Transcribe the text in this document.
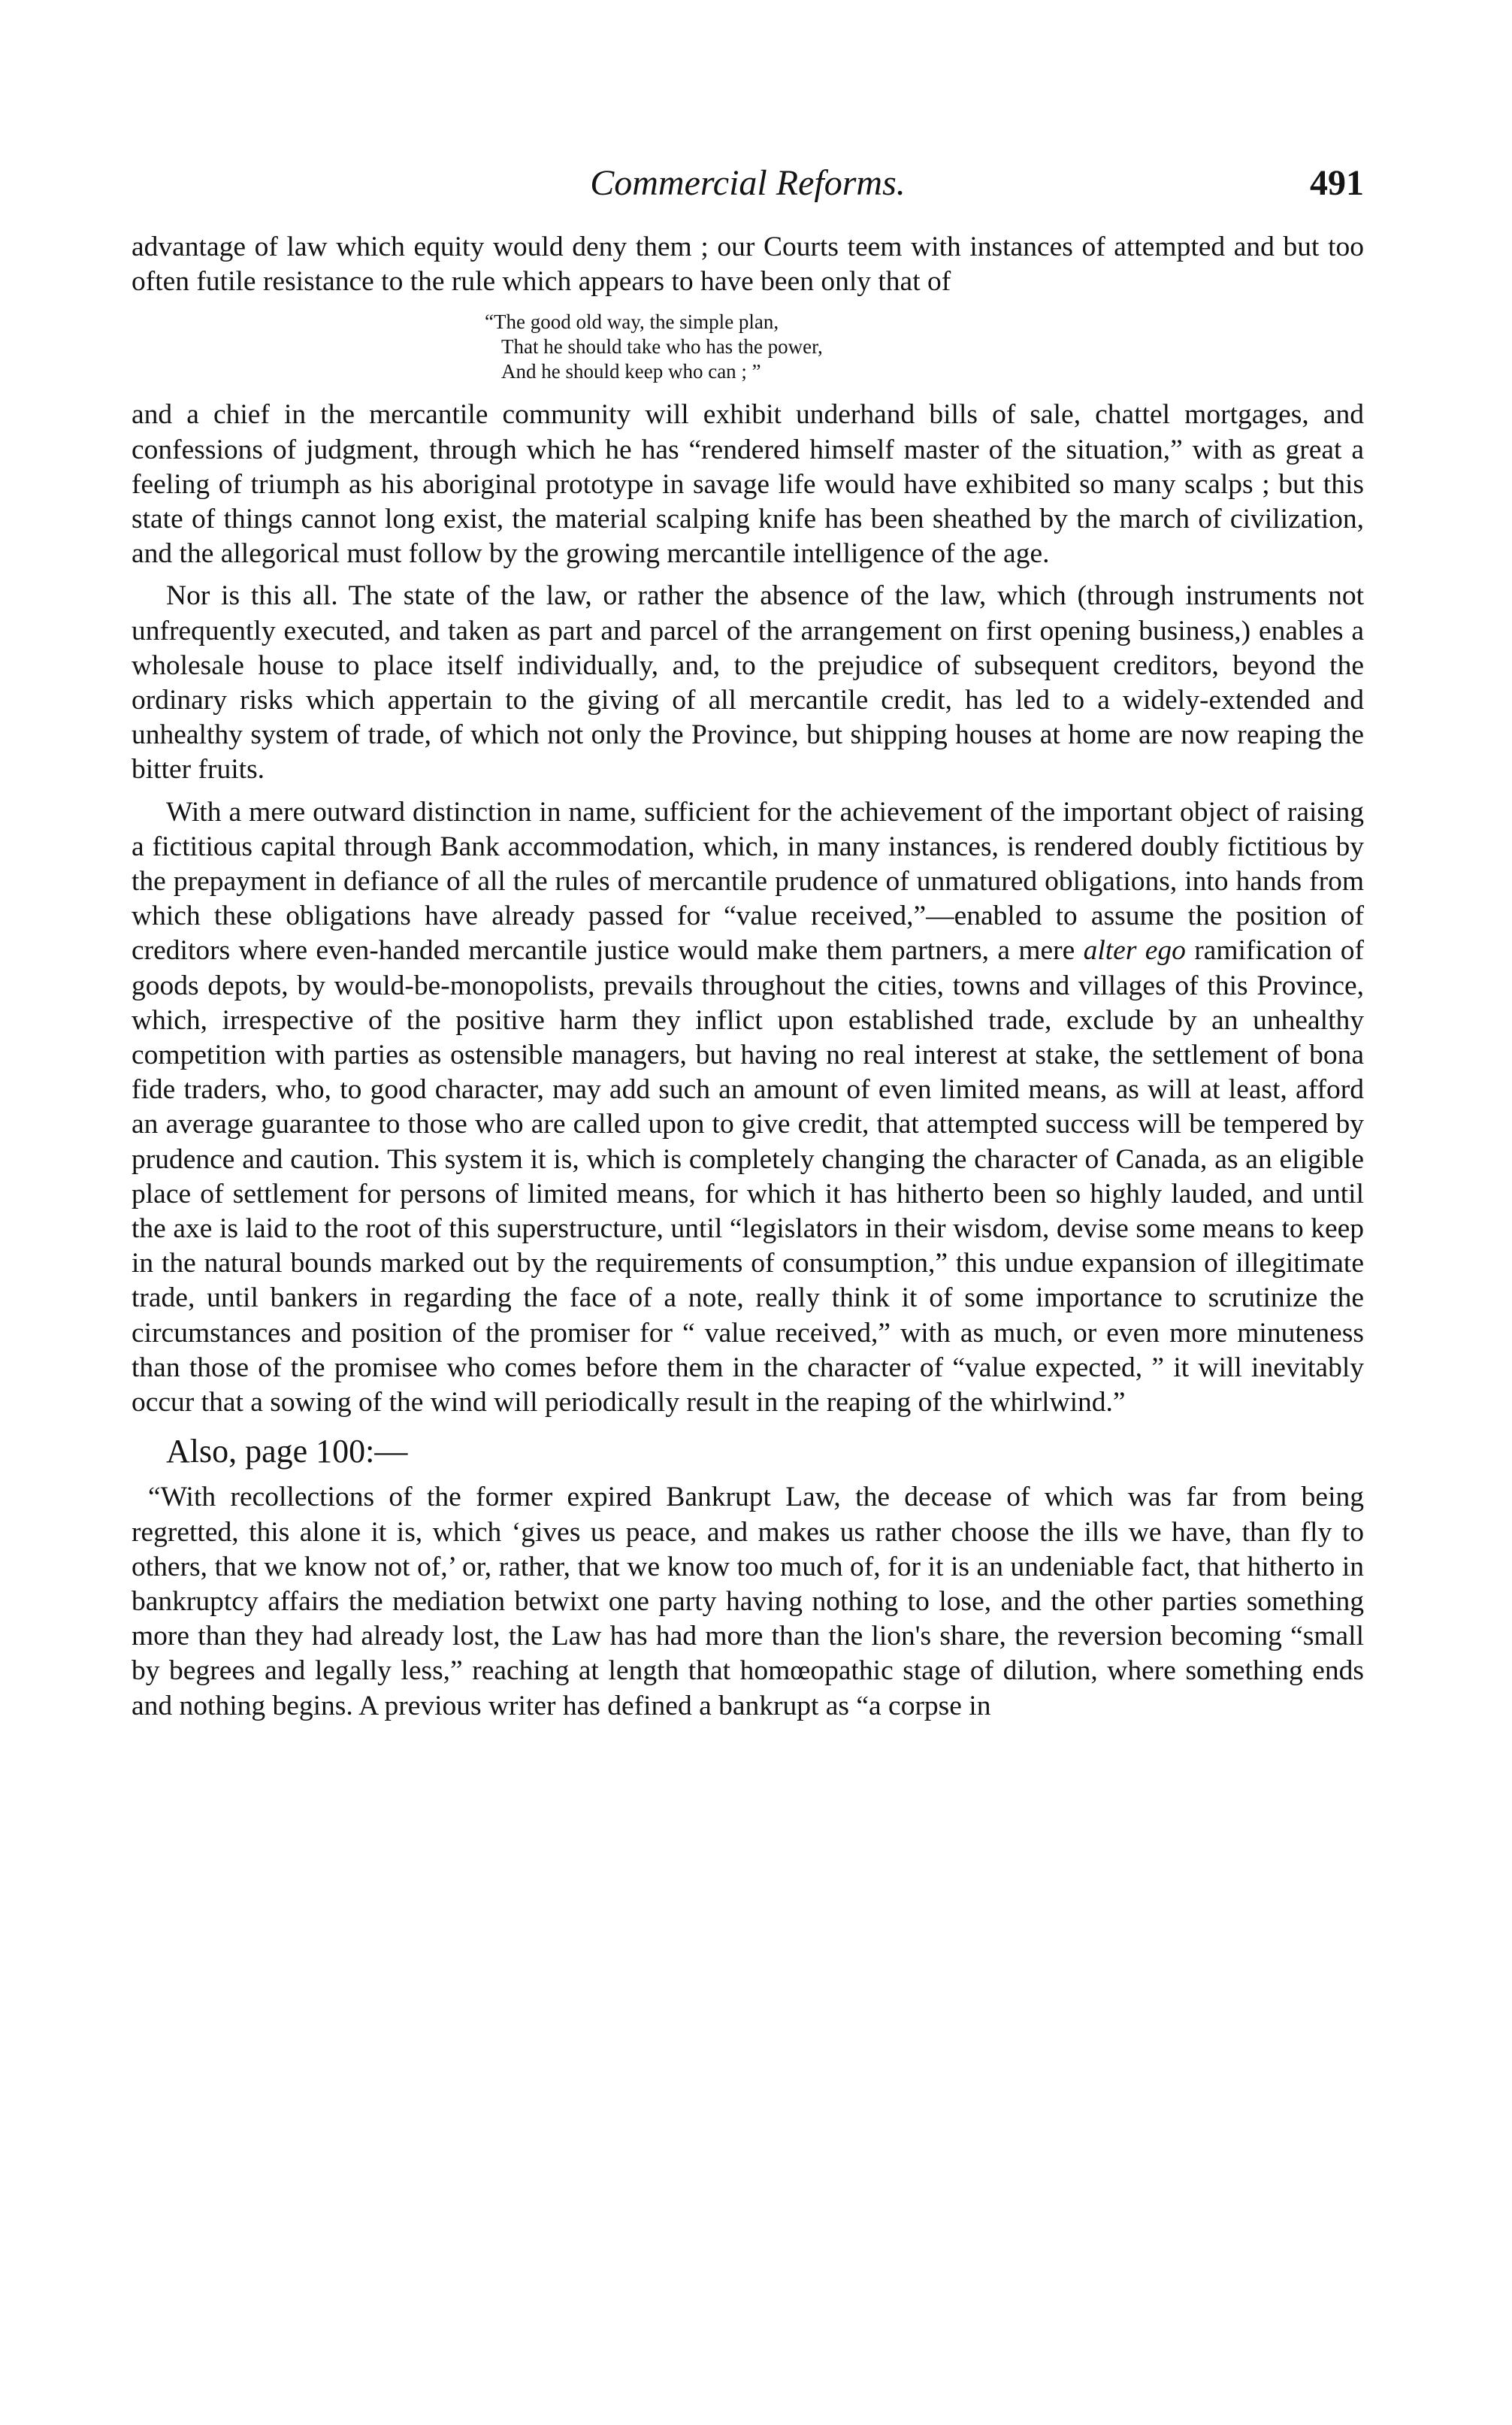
Commercial Reforms.	491

advantage of law which equity would deny them ; our Courts teem with instances of attempted and but too often futile resistance to the rule which appears to have been only that of

“The good old way, the simple plan,
That he should take who has the power,
And he should keep who can ; ”

and a chief in the mercantile community will exhibit underhand bills of sale, chattel mortgages, and confessions of judgment, through which he has “rendered himself master of the situation,” with as great a feeling of triumph as his aboriginal prototype in savage life would have exhibited so many scalps ; but this state of things cannot long exist, the material scalping knife has been sheathed by the march of civilization, and the allegorical must follow by the growing mercantile intelligence of the age.

Nor is this all. The state of the law, or rather the absence of the law, which (through instruments not unfrequently executed, and taken as part and parcel of the arrangement on first opening business,) enables a wholesale house to place itself individually, and, to the prejudice of subsequent creditors, beyond the ordinary risks which appertain to the giving of all mercantile credit, has led to a widely-extended and unhealthy system of trade, of which not only the Province, but shipping houses at home are now reaping the bitter fruits.

With a mere outward distinction in name, sufficient for the achievement of the important object of raising a fictitious capital through Bank accommodation, which, in many instances, is rendered doubly fictitious by the prepayment in defiance of all the rules of mercantile prudence of unmatured obligations, into hands from which these obligations have already passed for “value received,”—enabled to assume the position of creditors where even-handed mercantile justice would make them partners, a mere alter ego ramification of goods depots, by would-be-monopolists, prevails throughout the cities, towns and villages of this Province, which, irrespective of the positive harm they inflict upon established trade, exclude by an unhealthy competition with parties as ostensible managers, but having no real interest at stake, the settlement of bona fide traders, who, to good character, may add such an amount of even limited means, as will at least, afford an average guarantee to those who are called upon to give credit, that attempted success will be tempered by prudence and caution. This system it is, which is completely changing the character of Canada, as an eligible place of settlement for persons of limited means, for which it has hitherto been so highly lauded, and until the axe is laid to the root of this superstructure, until “legislators in their wisdom, devise some means to keep in the natural bounds marked out by the requirements of consumption,” this undue expansion of illegitimate trade, until bankers in regarding the face of a note, really think it of some importance to scrutinize the circumstances and position of the promiser for “ value received,” with as much, or even more minuteness than those of the promisee who comes before them in the character of “value expected, ” it will inevitably occur that a sowing of the wind will periodically result in the reaping of the whirlwind.”

Also, page 100:—

“With recollections of the former expired Bankrupt Law, the decease of which was far from being regretted, this alone it is, which ‘gives us peace, and makes us rather choose the ills we have, than fly to others, that we know not of,’ or, rather, that we know too much of, for it is an undeniable fact, that hitherto in bankruptcy affairs the mediation betwixt one party having nothing to lose, and the other parties something more than they had already lost, the Law has had more than the lion's share, the reversion becoming “small by begrees and legally less,” reaching at length that homœopathic stage of dilution, where something ends and nothing begins. A previous writer has defined a bankrupt as “a corpse in
